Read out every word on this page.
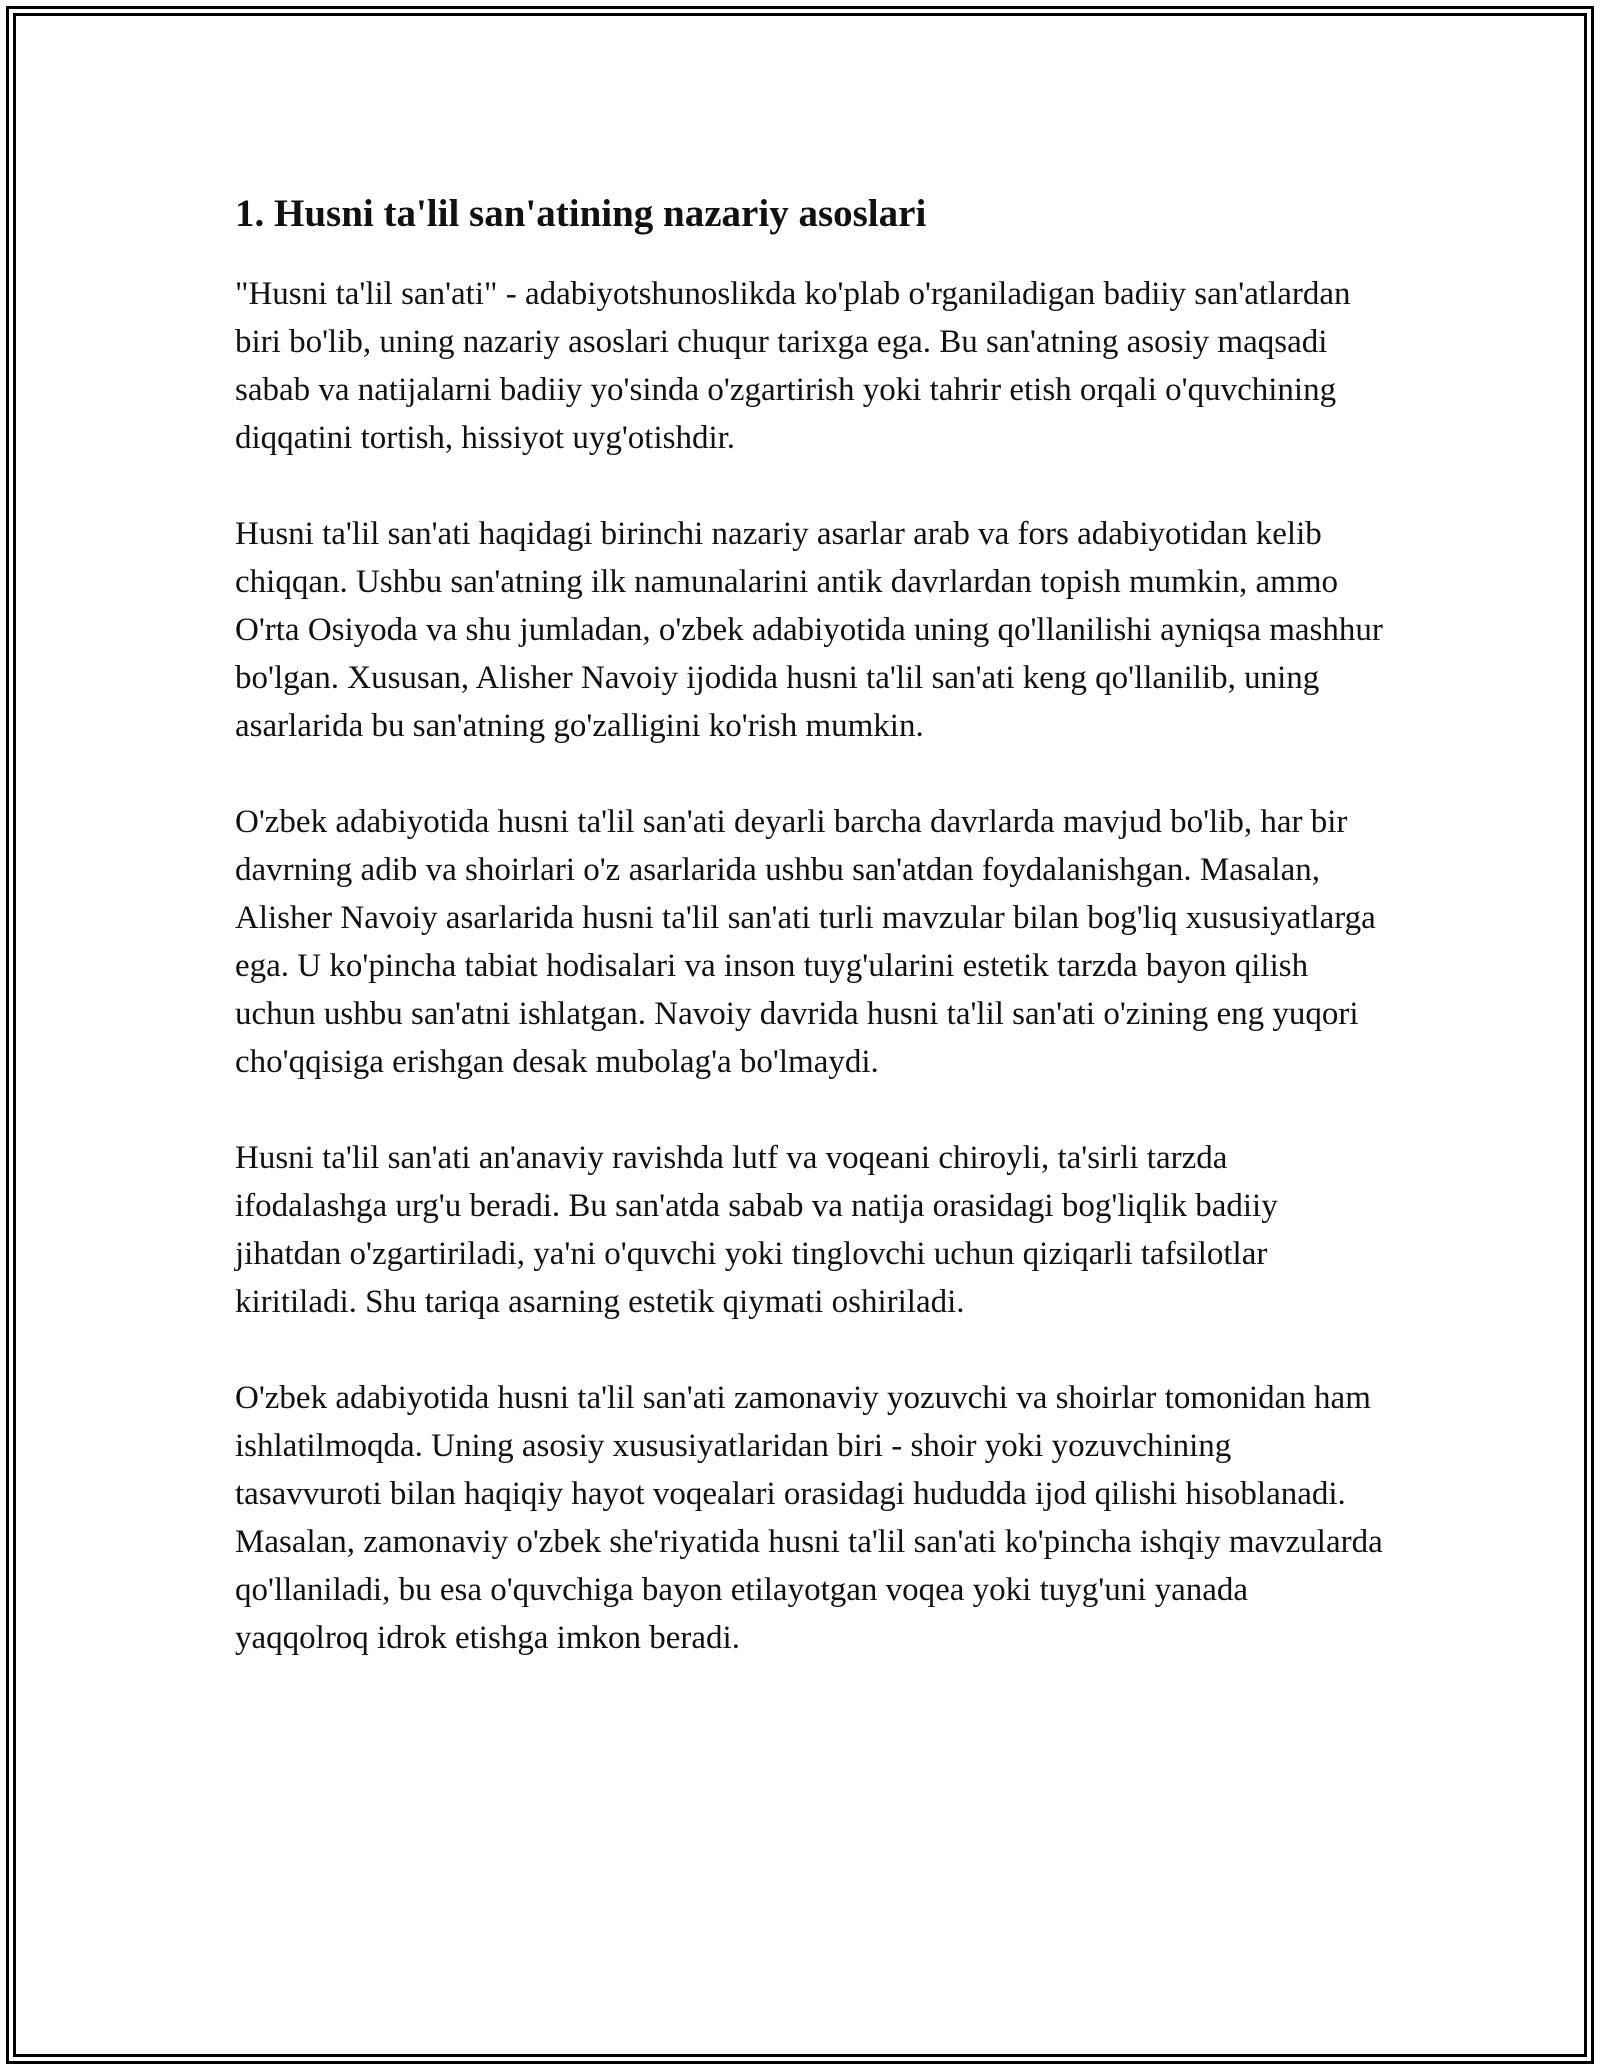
1. Husni ta'lil san'atining nazariy asoslari

"Husni ta'lil san'ati" - adabiyotshunoslikda ko'plab o'rganiladigan badiiy san'atlardan biri bo'lib, uning nazariy asoslari chuqur tarixga ega. Bu san'atning asosiy maqsadi sabab va natijalarni badiiy yo'sinda o'zgartirish yoki tahrir etish orqali o'quvchining diqqatini tortish, hissiyot uyg'otishdir.

Husni ta'lil san'ati haqidagi birinchi nazariy asarlar arab va fors adabiyotidan kelib chiqqan. Ushbu san'atning ilk namunalarini antik davrlardan topish mumkin, ammo O'rta Osiyoda va shu jumladan, o'zbek adabiyotida uning qo'llanilishi ayniqsa mashhur bo'lgan. Xususan, Alisher Navoiy ijodida husni ta'lil san'ati keng qo'llanilib, uning asarlarida bu san'atning go'zalligini ko'rish mumkin.

O'zbek adabiyotida husni ta'lil san'ati deyarli barcha davrlarda mavjud bo'lib, har bir davrning adib va shoirlari o'z asarlarida ushbu san'atdan foydalanishgan. Masalan, Alisher Navoiy asarlarida husni ta'lil san'ati turli mavzular bilan bog'liq xususiyatlarga ega. U ko'pincha tabiat hodisalari va inson tuyg'ularini estetik tarzda bayon qilish uchun ushbu san'atni ishlatgan. Navoiy davrida husni ta'lil san'ati o'zining eng yuqori cho'qqisiga erishgan desak mubolag'a bo'lmaydi.

Husni ta'lil san'ati an'anaviy ravishda lutf va voqeani chiroyli, ta'sirli tarzda ifodalashga urg'u beradi. Bu san'atda sabab va natija orasidagi bog'liqlik badiiy jihatdan o'zgartiriladi, ya'ni o'quvchi yoki tinglovchi uchun qiziqarli tafsilotlar kiritiladi. Shu tariqa asarning estetik qiymati oshiriladi.

O'zbek adabiyotida husni ta'lil san'ati zamonaviy yozuvchi va shoirlar tomonidan ham ishlatilmoqda. Uning asosiy xususiyatlaridan biri - shoir yoki yozuvchining tasavvuroti bilan haqiqiy hayot voqealari orasidagi hududda ijod qilishi hisoblanadi. Masalan, zamonaviy o'zbek she'riyatida husni ta'lil san'ati ko'pincha ishqiy mavzularda qo'llaniladi, bu esa o'quvchiga bayon etilayotgan voqea yoki tuyg'uni yanada yaqqolroq idrok etishga imkon beradi.
